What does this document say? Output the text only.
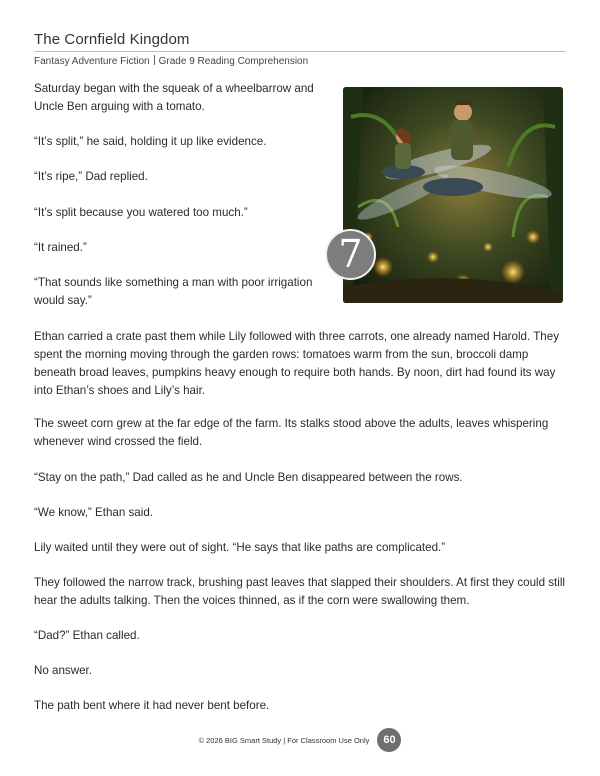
The Cornfield Kingdom
Fantasy Adventure Fiction Grade 9 Reading Comprehension

Saturday began with the squeak of a wheelbarrow and Uncle Ben arguing with a tomato.

“It’s split,” he said, holding it up like evidence.

“It’s ripe,” Dad replied.

“It’s split because you watered too much.”

“It rained.”

“That sounds like something a man with poor irrigation would say.”

Ethan carried a crate past them while Lily followed with three carrots, one already named Harold. They spent the morning moving through the garden rows: tomatoes warm from the sun, broccoli damp beneath broad leaves, pumpkins heavy enough to require both hands. By noon, dirt had found its way into Ethan’s shoes and Lily’s hair.

The sweet corn grew at the far edge of the farm. Its stalks stood above the adults, leaves whispering whenever wind crossed the field.

“Stay on the path,” Dad called as he and Uncle Ben disappeared between the rows.

“We know,” Ethan said.

Lily waited until they were out of sight. “He says that like paths are complicated.”

They followed the narrow track, brushing past leaves that slapped their shoulders. At first they could still hear the adults talking. Then the voices thinned, as if the corn were swallowing them.

“Dad?” Ethan called.

No answer.

The path bent where it had never bent before.

7
© 2026 BIG Smart Study | For Classroom Use Only 60
